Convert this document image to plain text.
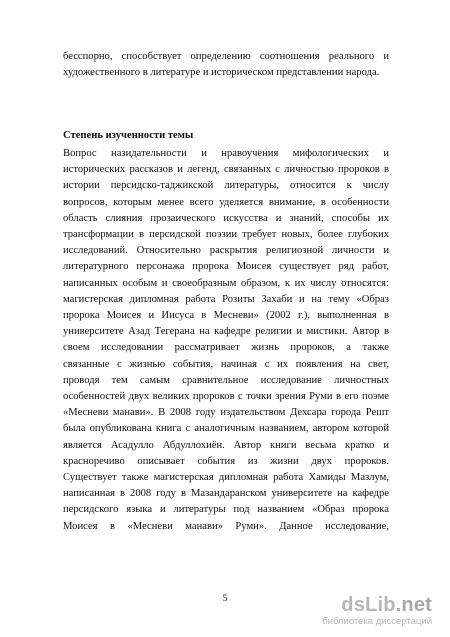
бесспорно, способствует определению соотношения реального и
художественного в литературе и историческом представлении народа.
Степень изученности темы
Вопрос назидательности и нравоучения мифологических и
исторических рассказов и легенд, связанных с личностью пророков в
истории персидско-таджикской литературы, относится к числу
вопросов, которым менее всего уделяется внимание, в особенности
область слияния прозаического искусства и знаний, способы их
трансформации в персидской поэзии требует новых, более глубоких
исследований. Относительно раскрытия религиозной личности и
литературного персонажа пророка Моисея существует ряд работ,
написанных особым и своеобразным образом, к их числу относятся:
магистерская дипломная работа Розиты Захаби и на тему «Образ
пророка Моисея и Иисуса в Месневи» (2002 г.), выполненная в
университете Азад Тегерана на кафедре религии и мистики. Автор в
своем исследовании рассматривает жизнь пророков, а также
связанные с жизнью события, начиная с их появления на свет,
проводя тем самым сравнительное исследование личностных
особенностей двух великих пророков с точки зрения Руми в его поэме
«Месневи манави». В 2008 году издательством Дехсара города Решт
была опубликована книга с аналогичным названием, автором которой
является Асадулло Абдуллохиён. Автор книги весьма кратко и
красноречиво описывает события из жизни двух пророков.
Существует также магистерская дипломная работа Хамиды Мазлум,
написанная в 2008 году в Мазандаранском университете на кафедре
персидского языка и литературы под названием «Образ пророка
Моисея в «Месневи манави» Руми». Данное исследование,
5	dsLib.net
библиотека диссертаций
